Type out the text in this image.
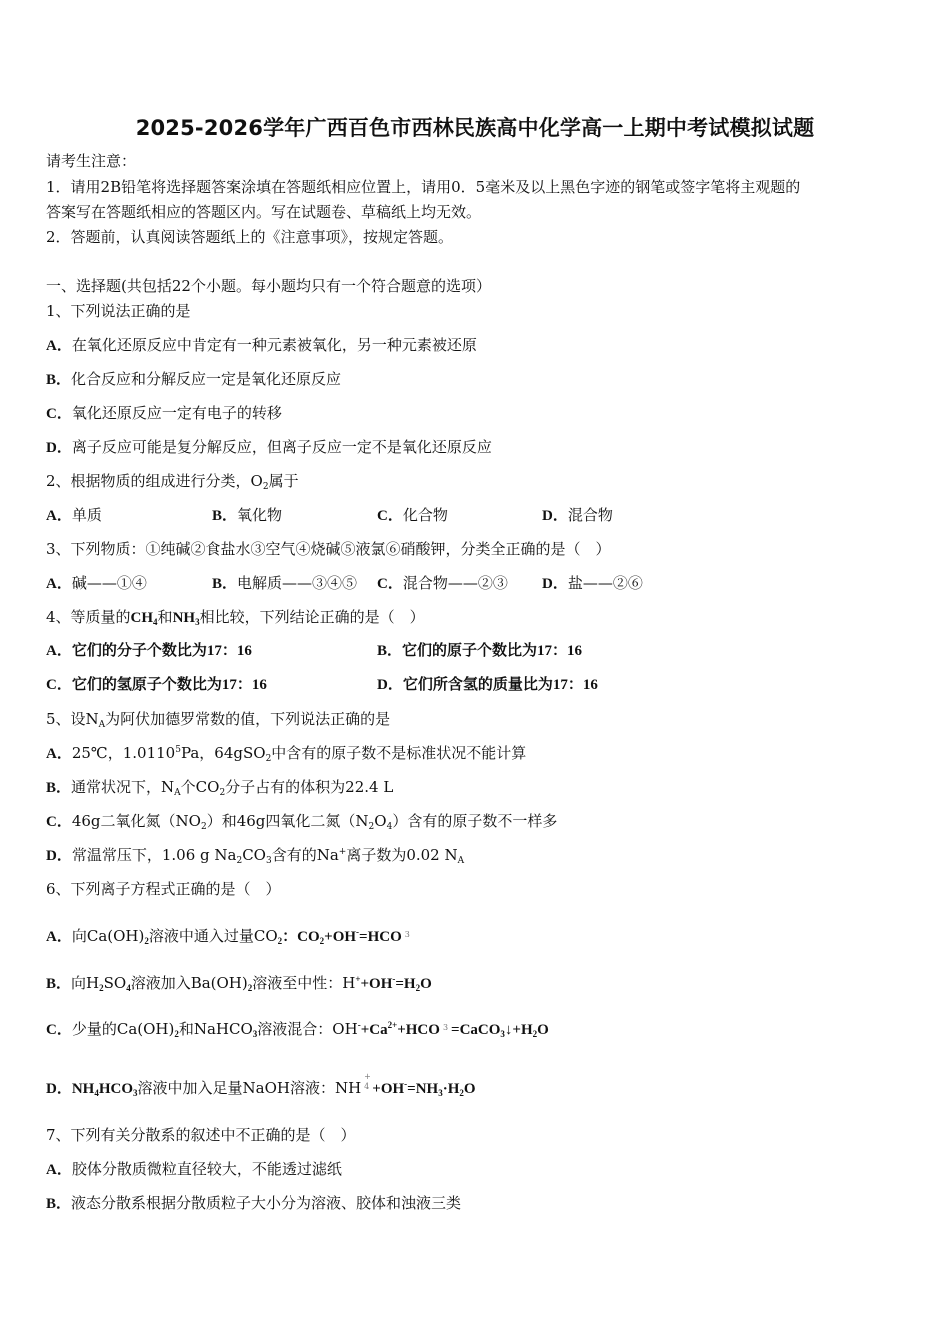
2025-2026学年广西百色市西林民族高中化学高一上期中考试模拟试题
请考生注意：
1．请用2B铅笔将选择题答案涂填在答题纸相应位置上，请用0．5毫米及以上黑色字迹的钢笔或签字笔将主观题的
答案写在答题纸相应的答题区内。写在试题卷、草稿纸上均无效。
2．答题前，认真阅读答题纸上的《注意事项》，按规定答题。
一、选择题(共包括22个小题。每小题均只有一个符合题意的选项）
1、下列说法正确的是
A．在氧化还原反应中肯定有一种元素被氧化，另一种元素被还原
B．化合反应和分解反应一定是氧化还原反应
C．氧化还原反应一定有电子的转移
D．离子反应可能是复分解反应，但离子反应一定不是氧化还原反应
2、根据物质的组成进行分类，$O_2$属于
A．单质	B．氧化物	C．化合物	D．混合物
3、下列物质：①纯碱②食盐水③空气④烧碱⑤液氯⑥硝酸钾，分类全正确的是（　）
A．碱——①④	B．电解质——③④⑤ C．混合物——②③ D．盐——②⑥
4、等质量的$CH_4$和$NH_3$相比较，下列结论正确的是（　）
A．它们的分子个数比为17：16	B．它们的原子个数比为17：16
C．它们的氢原子个数比为17：16	D．它们所含氢的质量比为17：16
5、设$N_A$为阿伏加德罗常数的值，下列说法正确的是
A．25℃，1.0110$^5$Pa，64gSO$_2$中含有的原子数不是标准状况不能计算
B．通常状况下，$N_A$个$CO_2$分子占有的体积为22.4 L
C．46g二氧化氮$(NO_2)$和46g四氧化二氮$(N_2O_4)$含有的原子数不一样多
D．常温常压下，1.06 g $Na_2CO_3$含有的Na+离子数为0.02 $N_A$
6、下列离子方程式正确的是（　）
A．向$Ca(OH)_2$溶液中通入过量$CO_2$：$CO_2+OH^-=HCO$ $^3$
B．向$H_2SO_4$溶液加入$Ba(OH)_2$溶液至中性：$H^++OH^-=H_2O$
C．少量的$Ca(OH)_2$和NaHCO$_3$溶液混合：$OH^-+Ca^{2+}+HCO$ $^3 =CaCO_3↓+H_2O$
D．$NH_4HCO_3$溶液中加入足量NaOH溶液：NH
$^{+ 4} +OH^-=NH_3\cdot H_2O$
7、下列有关分散系的叙述中不正确的是（　）
A．胶体分散质微粒直径较大，不能透过滤纸
B．液态分散系根据分散质粒子大小分为溶液、胶体和浊液三类
